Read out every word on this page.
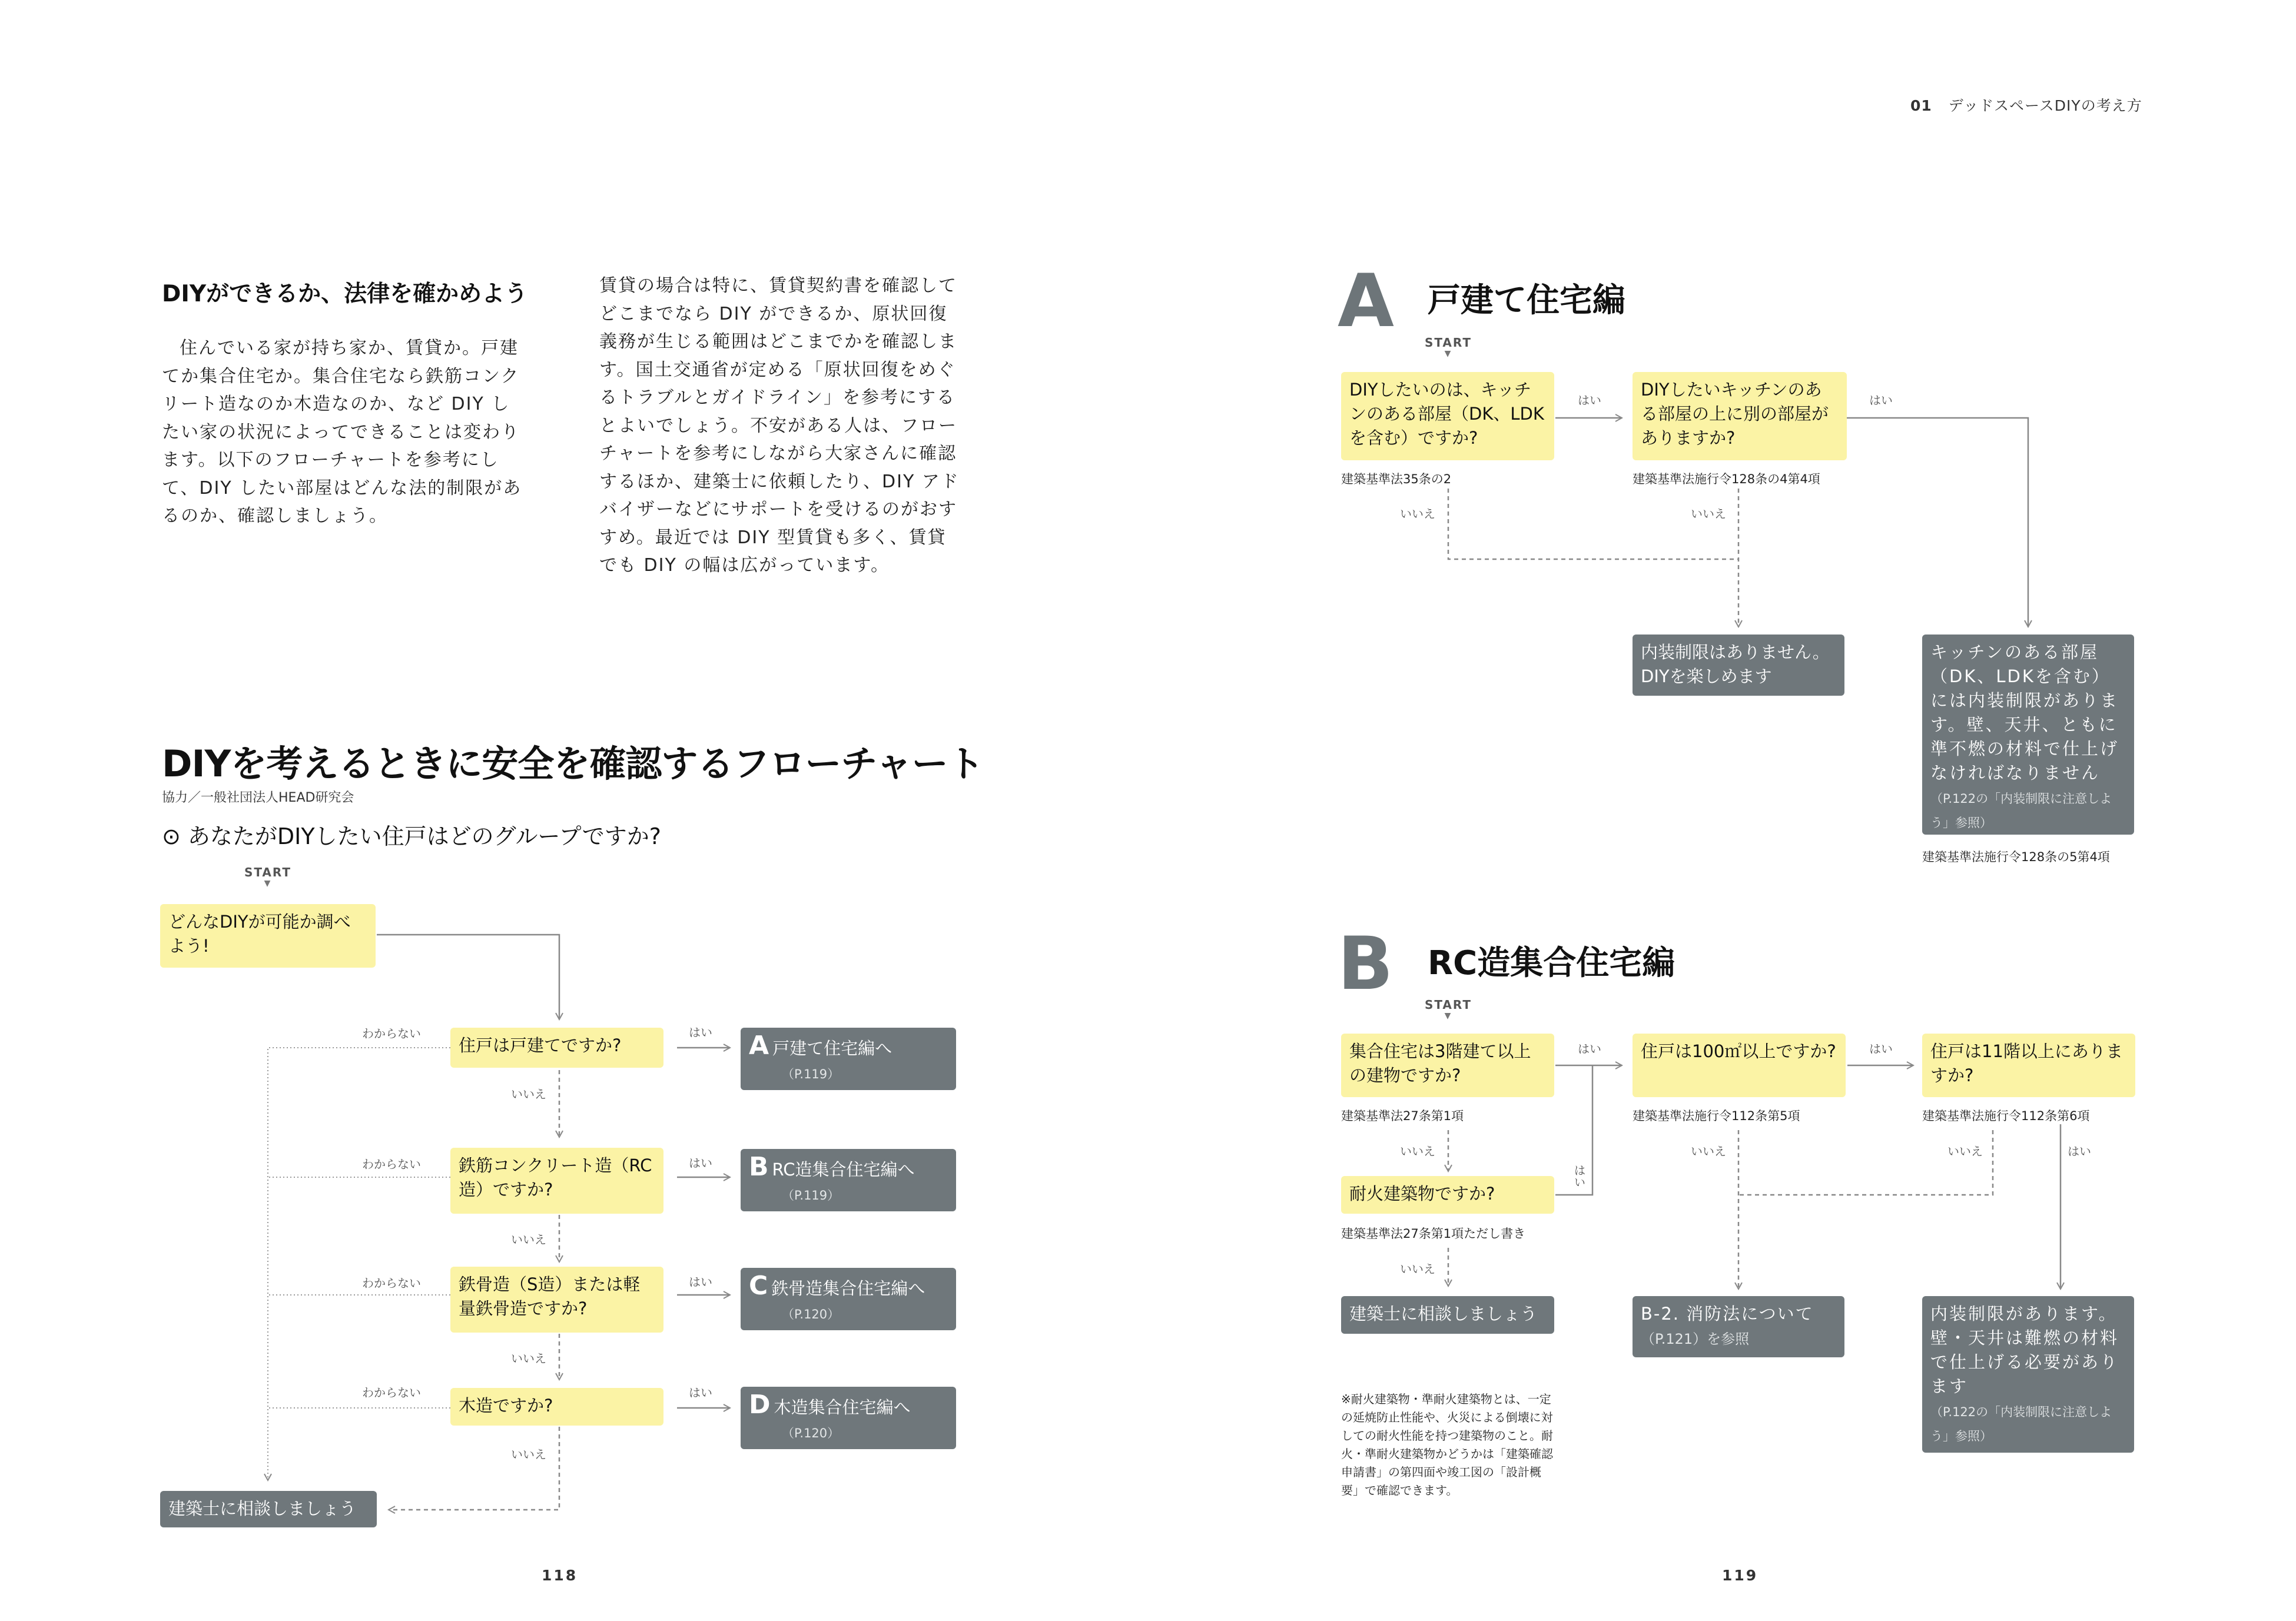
01 デッドスペースDIYの考え方
DIYができるか、法律を確かめよう

住んでいる家が持ち家か、賃貸か。戸建てか集合住宅か。集合住宅なら鉄筋コンクリート造なのか木造なのか、など DIY したい家の状況によってできることは変わります。以下のフローチャートを参考にして、DIY したい部屋はどんな法的制限があるのか、確認しましょう。

賃貸の場合は特に、賃貸契約書を確認してどこまでなら DIY ができるか、原状回復義務が生じる範囲はどこまでかを確認します。国土交通省が定める「原状回復をめぐるトラブルとガイドライン」を参考にするとよいでしょう。不安がある人は、フローチャートを参考にしながら大家さんに確認するほか、建築士に依頼したり、DIY アドバイザーなどにサポートを受けるのがおすすめ。最近では DIY 型賃貸も多く、賃貸でも DIY の幅は広がっています。

DIYを考えるときに安全を確認するフローチャート
協力／一般社団法人HEAD研究会
⊙ あなたがDIYしたい住戸はどのグループですか?
START
▼
どんなDIYが可能か調べよう!
わからない
住戸は戸建てですか?
はい	A戸建て住宅編へ
（P.119）
いいえ
わからない	鉄筋コンクリート造（RC造）ですか?
はい	BRC造集合住宅編へ
（P.119）
いいえ
わからない	鉄骨造（S造）または軽量鉄骨造ですか?
はい	C鉄骨造集合住宅編へ
（P.120）
いいえ
わからない
木造ですか?
はい	D木造集合住宅編へ
（P.120）
いいえ
建築士に相談しましょう
118
A 戸建て住宅編
START
▼
DIYしたいのは、キッチンのある部屋（DK、LDKを含む）ですか?
建築基準法35条の2
はい
DIYしたいキッチンのある部屋の上に別の部屋がありますか?
建築基準法施行令128条の4第4項
はい
いいえ	いいえ
内装制限はありません。DIYを楽しめます
キッチンのある部屋（DK、LDKを含む）には内装制限があります。壁、天井、ともに準不燃の材料で仕上げなければなりません
（P.122の「内装制限に注意しよう」参照）
建築基準法施行令128条の5第4項
B RC造集合住宅編
START
▼
集合住宅は3階建て以上の建物ですか?
建築基準法27条第1項
はい	住戸は100㎡以上ですか?
建築基準法施行令112条第5項
はい	住戸は11階以上にありますか?
建築基準法施行令112条第6項
いいえ	いいえ	いいえ	はい
はい
耐火建築物ですか?
建築基準法27条第1項ただし書き
いいえ
建築士に相談しましょう	B-2. 消防法について
（P.121）を参照
内装制限があります。壁・天井は難燃の材料で仕上げる必要があります
（P.122の「内装制限に注意しよう」参照）
※耐火建築物・準耐火建築物とは、一定の延焼防止性能や、火災による倒壊に対しての耐火性能を持つ建築物のこと。耐火・準耐火建築物かどうかは「建築確認申請書」の第四面や竣工図の「設計概要」で確認できます。
119
